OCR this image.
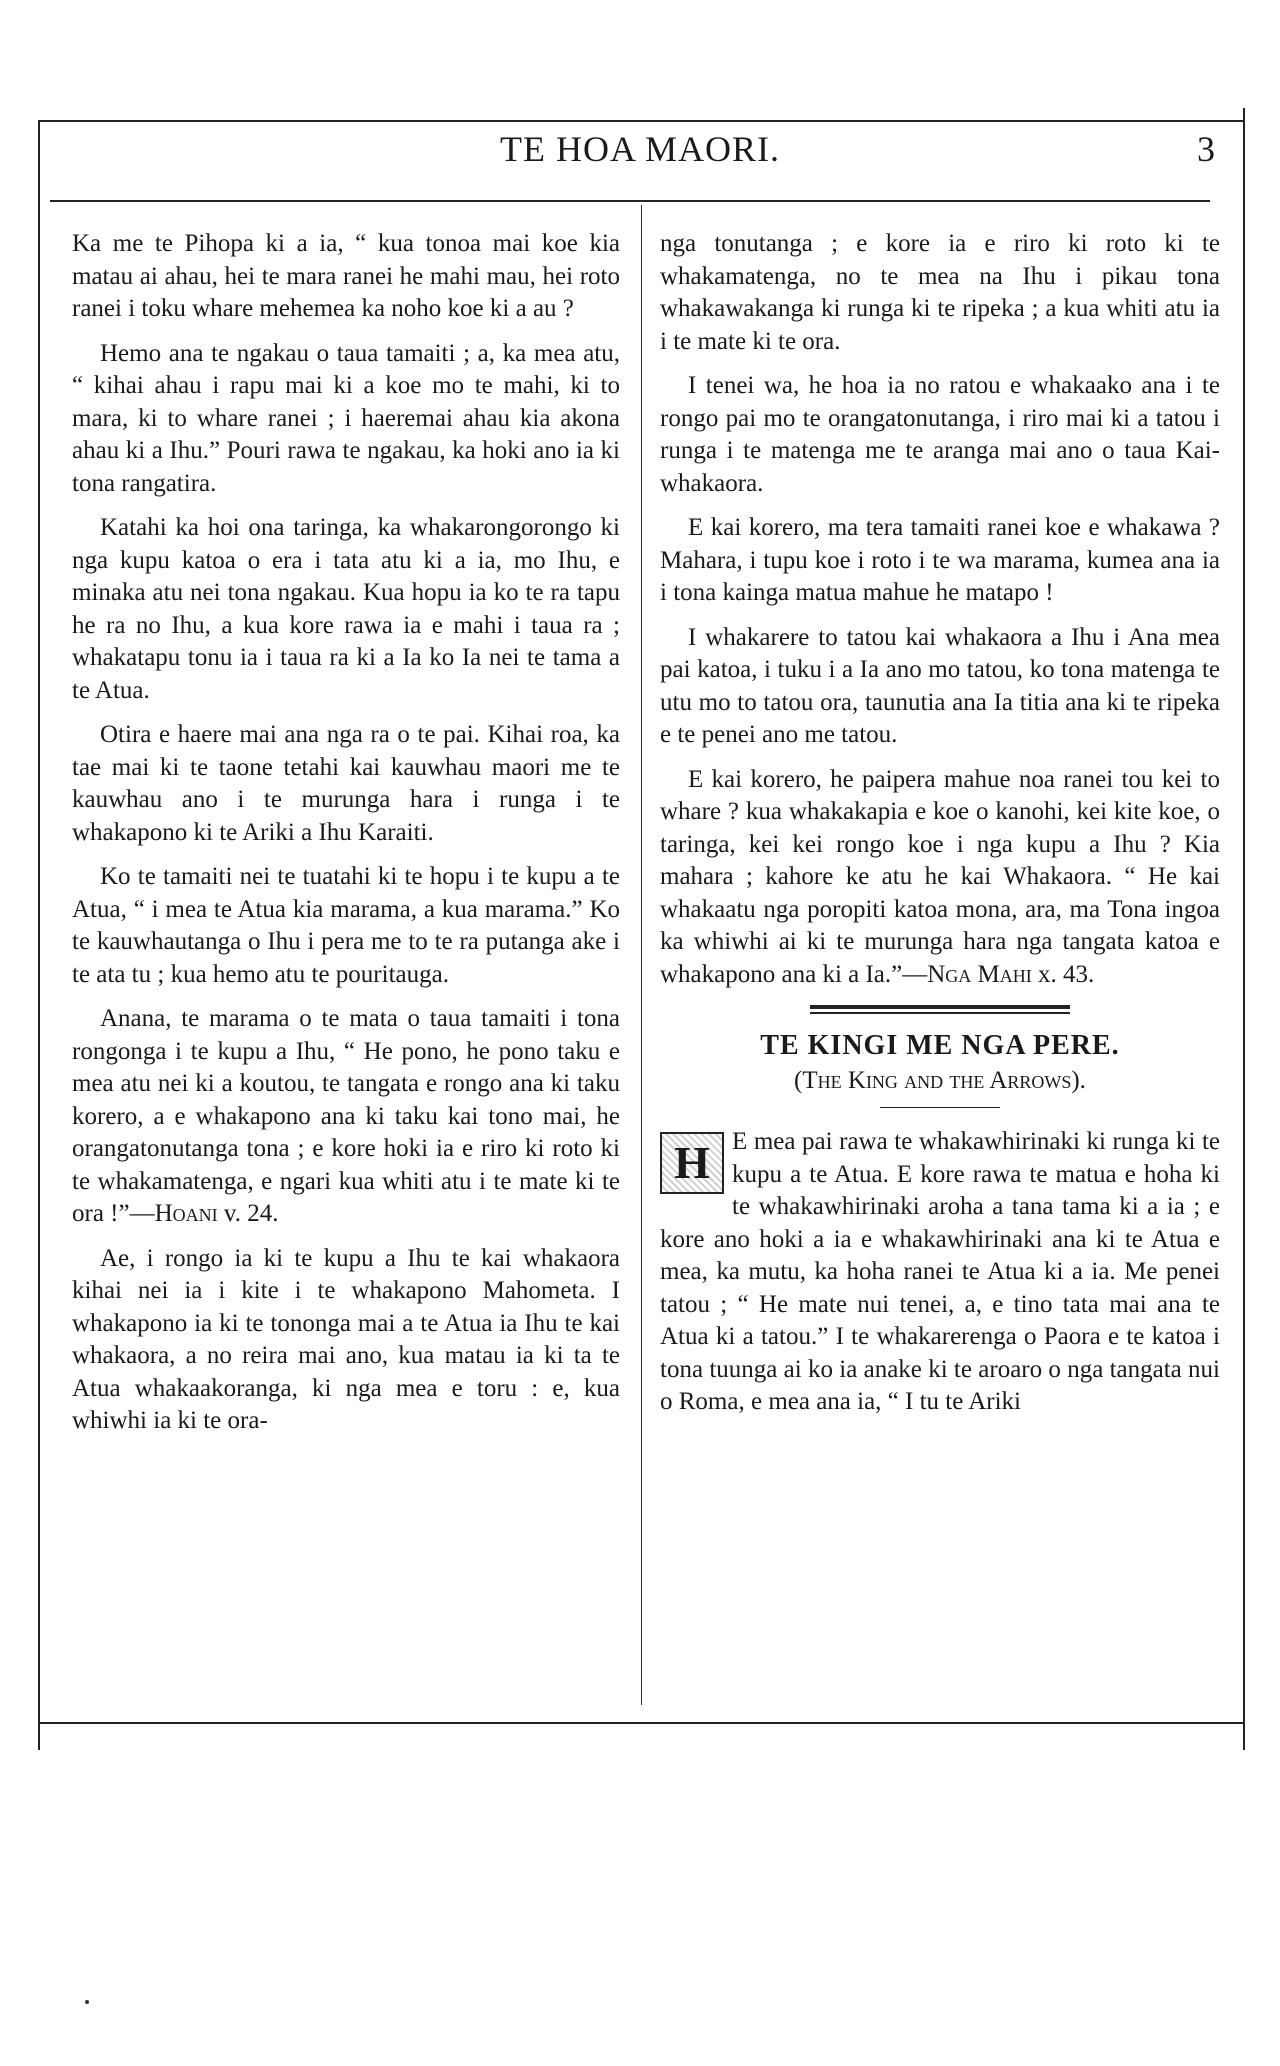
TE HOA MAORI.	3

Ka me te Pihopa ki a ia, “ kua tonoa mai koe kia matau ai ahau, hei te mara ranei he mahi mau, hei roto ranei i toku whare mehemea ka noho koe ki a au ?

Hemo ana te ngakau o taua tamaiti ; a, ka mea atu, “ kihai ahau i rapu mai ki a koe mo te mahi, ki to mara, ki to whare ranei ; i haeremai ahau kia akona ahau ki a Ihu.” Pouri rawa te ngakau, ka hoki ano ia ki tona rangatira.

Katahi ka hoi ona taringa, ka whakarongorongo ki nga kupu katoa o era i tata atu ki a ia, mo Ihu, e minaka atu nei tona ngakau. Kua hopu ia ko te ra tapu he ra no Ihu, a kua kore rawa ia e mahi i taua ra ; whakatapu tonu ia i taua ra ki a Ia ko Ia nei te tama a te Atua.

Otira e haere mai ana nga ra o te pai. Kihai roa, ka tae mai ki te taone tetahi kai kauwhau maori me te kauwhau ano i te murunga hara i runga i te whakapono ki te Ariki a Ihu Karaiti.

Ko te tamaiti nei te tuatahi ki te hopu i te kupu a te Atua, “ i mea te Atua kia marama, a kua marama.” Ko te kauwhautanga o Ihu i pera me to te ra putanga ake i te ata tu ; kua hemo atu te pouritauga.

Anana, te marama o te mata o taua tamaiti i tona rongonga i te kupu a Ihu, “ He pono, he pono taku e mea atu nei ki a koutou, te tangata e rongo ana ki taku korero, a e whakapono ana ki taku kai tono mai, he orangatonutanga tona ; e kore hoki ia e riro ki roto ki te whakamatenga, e ngari kua whiti atu i te mate ki te ora !”—Hoani v. 24.

Ae, i rongo ia ki te kupu a Ihu te kai whakaora kihai nei ia i kite i te whakapono Mahometa. I whakapono ia ki te tononga mai a te Atua ia Ihu te kai whakaora, a no reira mai ano, kua matau ia ki ta te Atua whakaakoranga, ki nga mea e toru : e, kua whiwhi ia ki te ora-

nga tonutanga ; e kore ia e riro ki roto ki te whakamatenga, no te mea na Ihu i pikau tona whakawakanga ki runga ki te ripeka ; a kua whiti atu ia i te mate ki te ora.

I tenei wa, he hoa ia no ratou e whakaako ana i te rongo pai mo te orangatonutanga, i riro mai ki a tatou i runga i te matenga me te aranga mai ano o taua Kai-whakaora.

E kai korero, ma tera tamaiti ranei koe e whakawa ? Mahara, i tupu koe i roto i te wa marama, kumea ana ia i tona kainga matua mahue he matapo !

I whakarere to tatou kai whakaora a Ihu i Ana mea pai katoa, i tuku i a Ia ano mo tatou, ko tona matenga te utu mo to tatou ora, taunutia ana Ia titia ana ki te ripeka e te penei ano me tatou.

E kai korero, he paipera mahue noa ranei tou kei to whare ? kua whakakapia e koe o kanohi, kei kite koe, o taringa, kei kei rongo koe i nga kupu a Ihu ? Kia mahara ; kahore ke atu he kai Whakaora. “ He kai whakaatu nga poropiti katoa mona, ara, ma Tona ingoa ka whiwhi ai ki te murunga hara nga tangata katoa e whakapono ana ki a Ia.”—Nga Mahi x. 43.

TE KINGI ME NGA PERE.
(The King and the Arrows).

H E mea pai rawa te whakawhirinaki ki runga ki te kupu a te Atua. E kore rawa te matua e hoha ki te whakawhirinaki aroha a tana tama ki a ia ; e kore ano hoki a ia e whakawhirinaki ana ki te Atua e mea, ka mutu, ka hoha ranei te Atua ki a ia. Me penei tatou ; “ He mate nui tenei, a, e tino tata mai ana te Atua ki a tatou.” I te whakarerenga o Paora e te katoa i tona tuunga ai ko ia anake ki te aroaro o nga tangata nui o Roma, e mea ana ia, “ I tu te Ariki
